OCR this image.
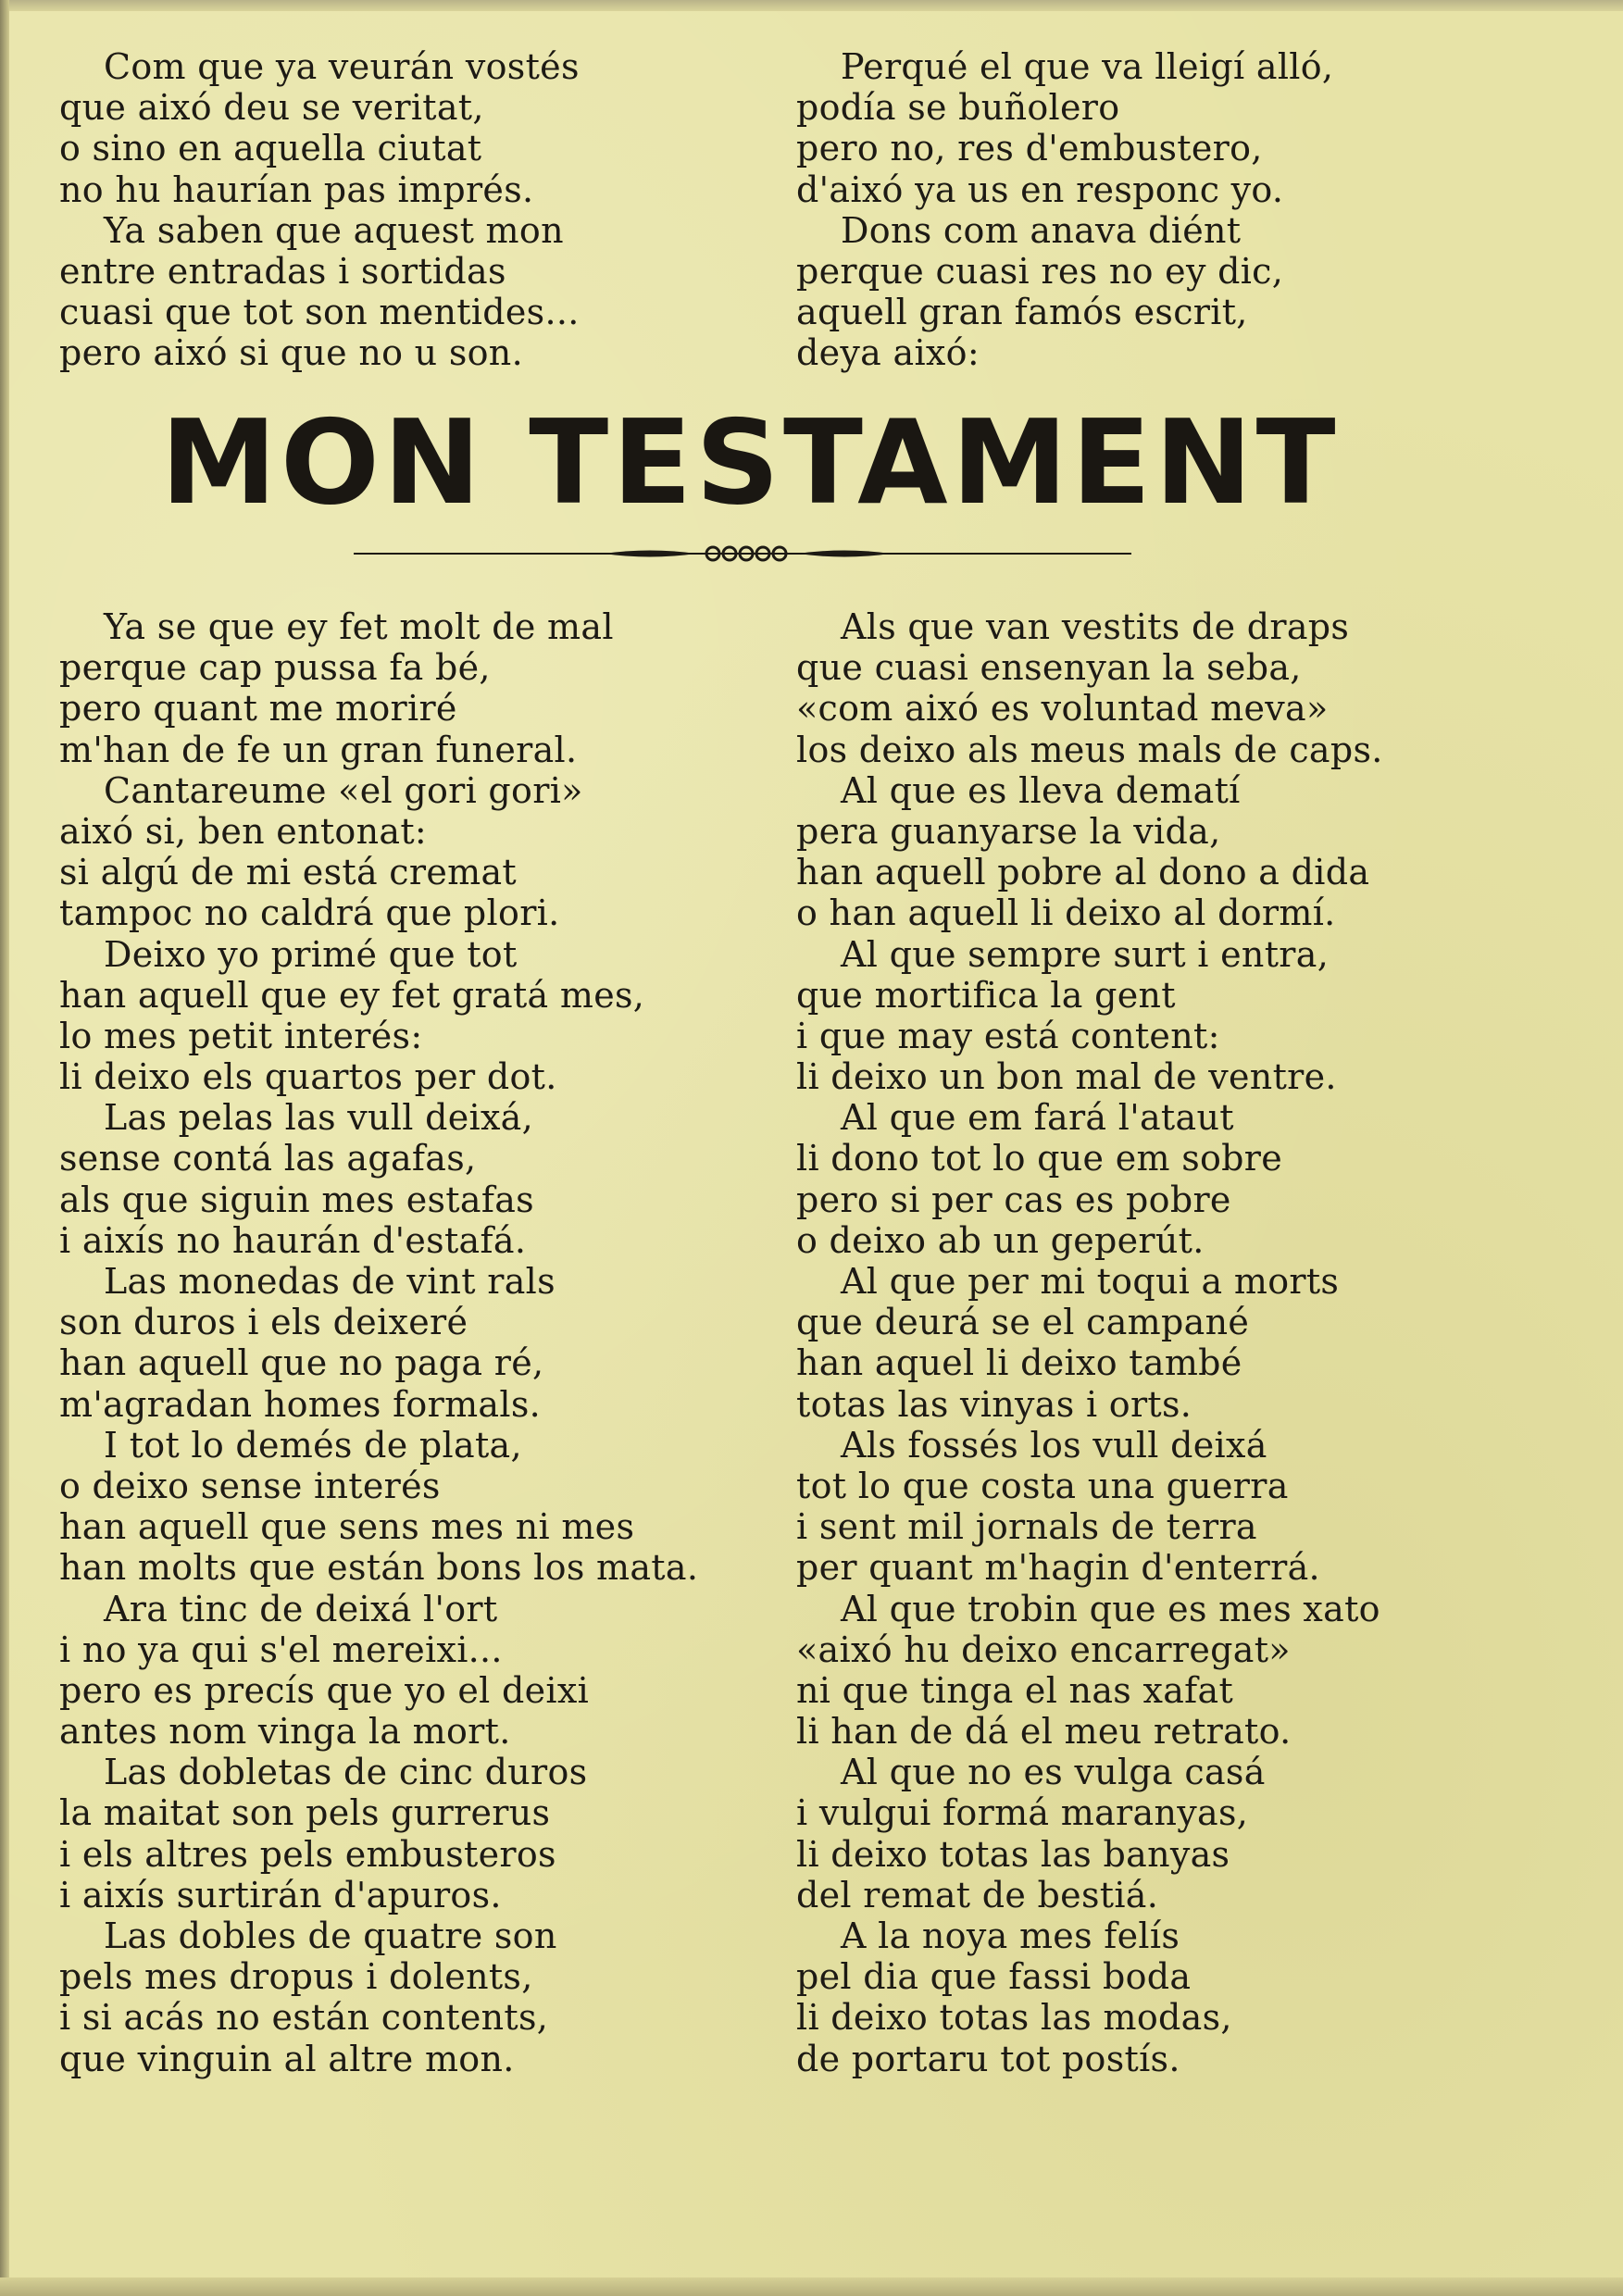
Com que ya veurán vostés
que aixó deu se veritat,
o sino en aquella ciutat
no hu haurían pas imprés.
Ya saben que aquest mon
entre entradas i sortidas
cuasi que tot son mentides...
pero aixó si que no u son.
Perqué el que va lleigí alló,
podía se buñolero
pero no, res d'embustero,
d'aixó ya us en responc yo.
Dons com anava diént
perque cuasi res no ey dic,
aquell gran famós escrit,
deya aixó:
MON TESTAMENT
Ya se que ey fet molt de mal
perque cap pussa fa bé,
pero quant me moriré
m'han de fe un gran funeral.
Cantareume «el gori gori»
aixó si, ben entonat:
si algú de mi está cremat
tampoc no caldrá que plori.
Deixo yo primé que tot
han aquell que ey fet gratá mes,
lo mes petit interés:
li deixo els quartos per dot.
Las pelas las vull deixá,
sense contá las agafas,
als que siguin mes estafas
i aixís no haurán d'estafá.
Las monedas de vint rals
son duros i els deixeré
han aquell que no paga ré,
m'agradan homes formals.
I tot lo demés de plata,
o deixo sense interés
han aquell que sens mes ni mes
han molts que están bons los mata.
Ara tinc de deixá l'ort
i no ya qui s'el mereixi...
pero es precís que yo el deixi
antes nom vinga la mort.
Las dobletas de cinc duros
la maitat son pels gurrerus
i els altres pels embusteros
i aixís surtirán d'apuros.
Las dobles de quatre son
pels mes dropus i dolents,
i si acás no están contents,
que vinguin al altre mon.
Als que van vestits de draps
que cuasi ensenyan la seba,
«com aixó es voluntad meva»
los deixo als meus mals de caps.
Al que es lleva dematí
pera guanyarse la vida,
han aquell pobre al dono a dida
o han aquell li deixo al dormí.
Al que sempre surt i entra,
que mortifica la gent
i que may está content:
li deixo un bon mal de ventre.
Al que em fará l'ataut
li dono tot lo que em sobre
pero si per cas es pobre
o deixo ab un geperút.
Al que per mi toqui a morts
que deurá se el campané
han aquel li deixo també
totas las vinyas i orts.
Als fossés los vull deixá
tot lo que costa una guerra
i sent mil jornals de terra
per quant m'hagin d'enterrá.
Al que trobin que es mes xato
«aixó hu deixo encarregat»
ni que tinga el nas xafat
li han de dá el meu retrato.
Al que no es vulga casá
i vulgui formá maranyas,
li deixo totas las banyas
del remat de bestiá.
A la noya mes felís
pel dia que fassi boda
li deixo totas las modas,
de portaru tot postís.
